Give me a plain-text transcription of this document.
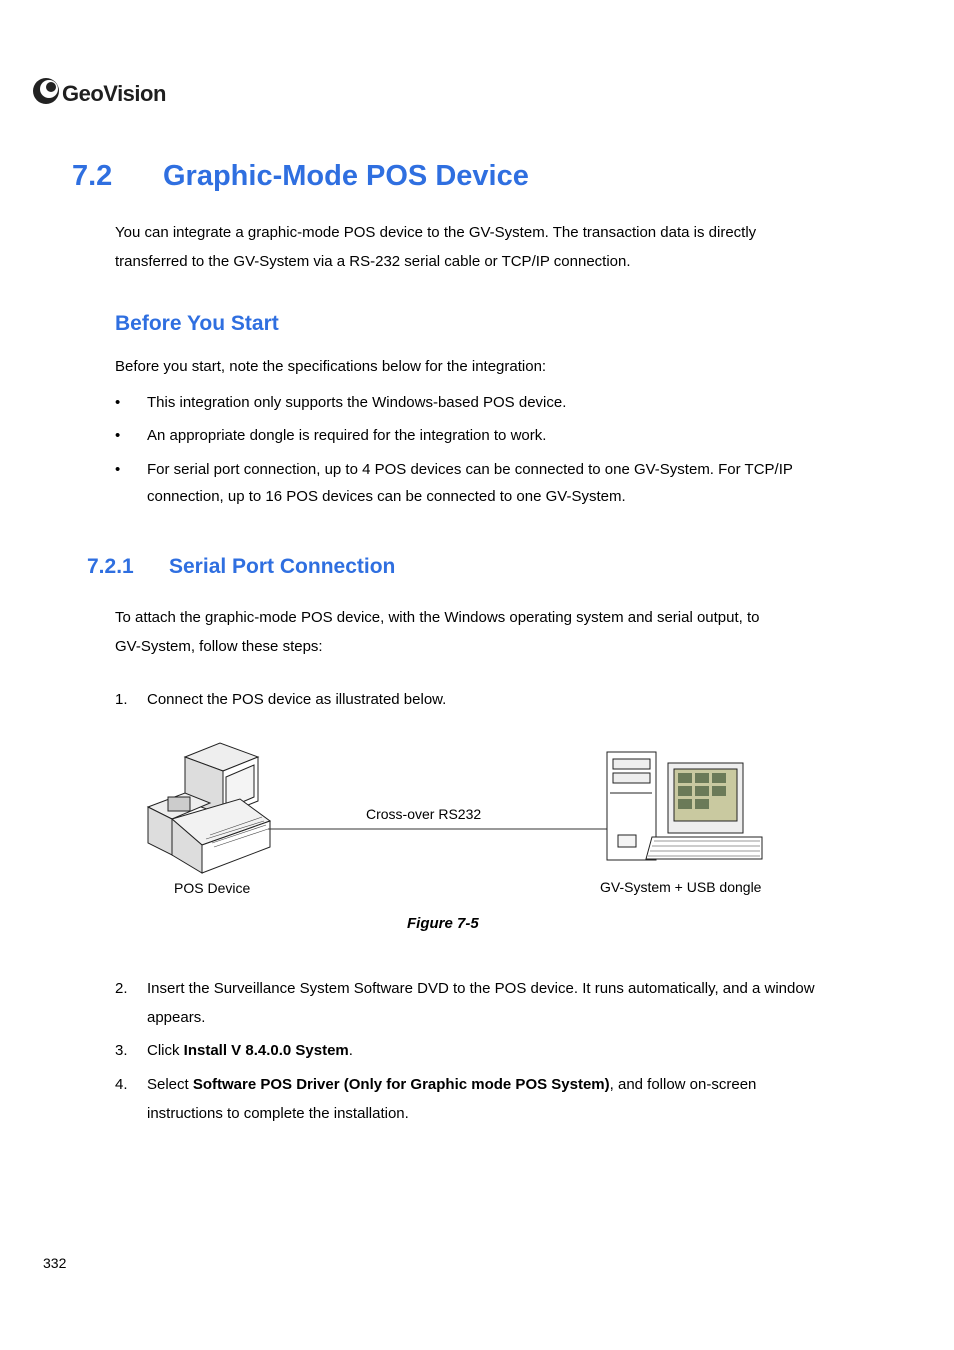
GeoVision
7.2 Graphic-Mode POS Device
You can integrate a graphic-mode POS device to the GV-System. The transaction data is directly
transferred to the GV-System via a RS-232 serial cable or TCP/IP connection.
Before You Start
Before you start, note the specifications below for the integration:
• This integration only supports the Windows-based POS device.
• An appropriate dongle is required for the integration to work.
• For serial port connection, up to 4 POS devices can be connected to one GV-System. For TCP/IP connection, up to 16 POS devices can be connected to one GV-System.
7.2.1 Serial Port Connection
To attach the graphic-mode POS device, with the Windows operating system and serial output, to
GV-System, follow these steps:
1. Connect the POS device as illustrated below.
Cross-over RS232
POS Device	GV-System + USB dongle
Figure 7-5
2. Insert the Surveillance System Software DVD to the POS device. It runs automatically, and a window appears.
3. Click Install V 8.4.0.0 System.
4. Select Software POS Driver (Only for Graphic mode POS System), and follow on-screen instructions to complete the installation.
332
